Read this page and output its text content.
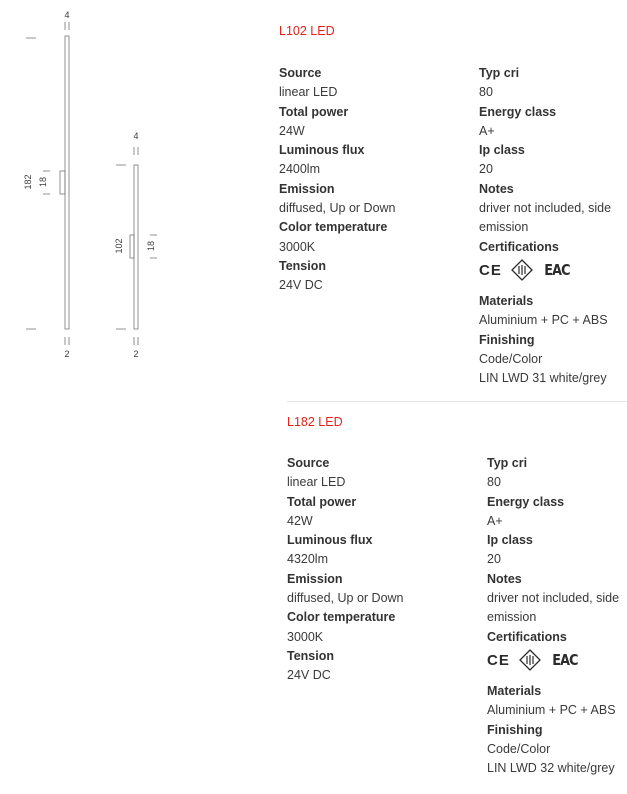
4
182 18
2
4
102 18
2
L102 LED
Source
linear LED
Total power
24W
Luminous flux
2400lm
Emission
diffused, Up or Down
Color temperature
3000K
Tension
24V DC
Typ cri
80
Energy class
A+
Ip class
20
Notes
driver not included, side emission
Certifications
CE	EAC
Materials
Aluminium + PC + ABS
Finishing
Code/Color
LIN LWD 31 white/grey
L182 LED
Source
linear LED
Total power
42W
Luminous flux
4320lm
Emission
diffused, Up or Down
Color temperature
3000K
Tension
24V DC
Typ cri
80
Energy class
A+
Ip class
20
Notes
driver not included, side emission
Certifications
CE	EAC
Materials
Aluminium + PC + ABS
Finishing
Code/Color
LIN LWD 32 white/grey
